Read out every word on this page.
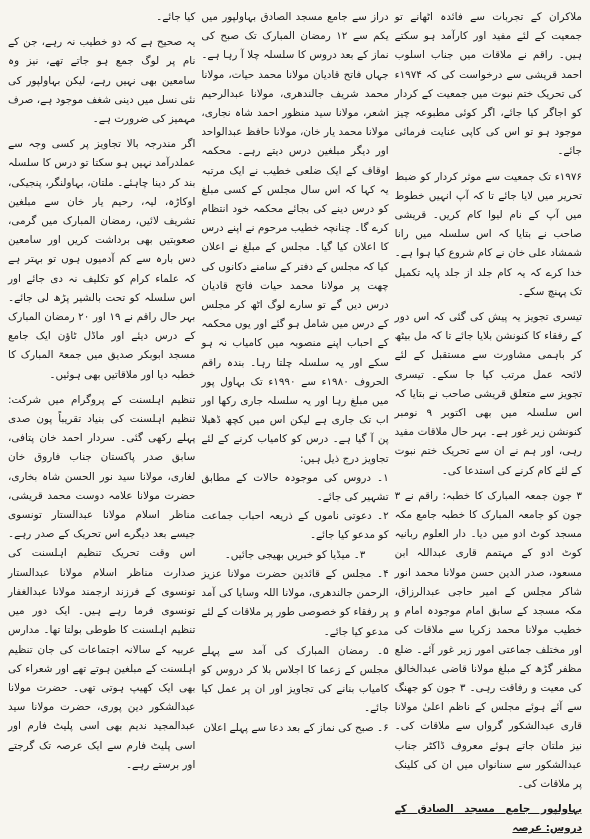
ملاکران کے تجربات سے فائدہ اٹھانے تو جمعیت کے لئے مفید اور کارآمد ہو سکتے ہیں۔ راقم نے ملاقات میں جناب اسلوب احمد قریشی سے درخواست کی کہ ۱۹۷۴ء کی تحریک ختم نبوت میں جمعیت کے کردار کو اجاگر کیا جائے، اگر کوئی مطبوعہ چیز موجود ہو تو اس کی کاپی عنایت فرمائی جائے۔

۱۹۷۶ء تک جمعیت سے موثر کردار کو ضبط تحریر میں لایا جائے تا کہ آپ انہیں خطوط میں آپ کے نام لیوا کام کریں۔ قریشی صاحب نے بتایا کہ اس سلسلہ میں رانا شمشاد علی خان نے کام شروع کیا ہوا ہے۔ خدا کرے کہ یہ کام جلد از جلد پایہ تکمیل تک پہنچ سکے۔

تیسری تجویز یہ پیش کی گئی کہ اس دور کے رفقاء کا کنونشن بلایا جائے تا کہ مل بیٹھ کر باہمی مشاورت سے مستقبل کے لئے لائحہ عمل مرتب کیا جا سکے۔ تیسری تجویز سے متعلق قریشی صاحب نے بتایا کہ اس سلسلہ میں بھی اکتوبر ۹ نومبر کنونشن زیر غور ہے۔ بہر حال ملاقات مفید رہی، اور ہم نے ان سے تحریک ختم نبوت کے لئے کام کرنے کی استدعا کی۔

۳ جون جمعہ المبارک کا خطبہ: راقم نے ۳ جون کو جامعہ المبارک کا خطبہ جامع مکہ مسجد کوٹ ادو میں دیا۔ دار العلوم ربانیہ کوٹ ادو کے مہتمم قاری عبداللہ ابن مسعود، صدر الدین حسن مولانا محمد انور شاکر مجلس کے امیر حاجی عبدالرزاق، مکہ مسجد کے سابق امام موجودہ امام و خطیب مولانا محمد زکریا سے ملاقات کی اور مختلف جماعتی امور زیر غور آئے۔ ضلع مظفر گڑھ کے مبلغ مولانا قاضی عبدالخالق کی معیت و رفاقت رہی۔ ۳ جون کو جھنگ سے آئے ہوئے مجلس کے ناظم اعلیٰ مولانا قاری عبدالشکور گرواں سے ملاقات کی۔ نیز ملتان جاتے ہوئے معروف ڈاکٹر جناب عبدالشکور سے سنانواں میں ان کی کلینک پر ملاقات کی۔

بہاولپور جامع مسجد الصادق کے دروس: عرصہ

دراز سے جامع مسجد الصادق بہاولپور میں یکم سے ۱۲ رمضان المبارک تک صبح کی نماز کے بعد دروس کا سلسلہ چلا آ رہا ہے۔ جہاں فاتح قادیان مولانا محمد حیات، مولانا محمد شریف جالندھری، مولانا عبدالرحیم اشعر، مولانا سید منظور احمد شاہ نجاری، مولانا محمد یار خان، مولانا حافظ عبدالواحد اور دیگر مبلغین درس دیتے رہے۔ محکمہ اوقاف کے ایک ضلعی خطیب نے ایک مرتبہ یہ کہا کہ اس سال مجلس کے کسی مبلغ کو درس دینے کی بجائے محکمہ خود انتظام کرے گا۔ چنانچہ خطیب مرحوم نے اپنے درس کا اعلان کیا گیا۔ مجلس کے مبلغ نے اعلان کیا کہ مجلس کے دفتر کے سامنے دکانوں کی چھت پر مولانا محمد حیات فاتح قادیان درس دیں گے تو سارے لوگ اٹھ کر مجلس کے درس میں شامل ہو گئے اور یوں محکمہ کے احباب اپنے منصوبہ میں کامیاب نہ ہو سکے اور یہ سلسلہ چلتا رہا۔ بندہ راقم الحروف ۱۹۸۰ء سے ۱۹۹۰ء تک بہاول پور میں مبلغ رہا اور یہ سلسلہ جاری رکھا اور اب تک جاری ہے لیکن اس میں کچھ ڈھیلا پن آ گیا ہے۔ درس کو کامیاب کرنے کے لئے تجاویز درج ذیل ہیں:

۱۔ دروس کی موجودہ حالات کے مطابق تشہیر کی جائے۔

۲۔ دعوتی ناموں کے ذریعہ احباب جماعت کو مدعو کیا جائے۔

۳۔ میڈیا کو خبریں بھیجی جائیں۔

۴۔ مجلس کے قائدین حضرت مولانا عزیز الرحمن جالندھری، مولانا اللہ وسایا کی آمد پر رفقاء کو خصوصی طور پر ملاقات کے لئے مدعو کیا جائے۔

۵۔ رمضان المبارک کی آمد سے پہلے مجلس کے زعما کا اجلاس بلا کر دروس کو کامیاب بنانے کی تجاویز اور ان پر عمل کیا جائے۔

۶۔ صبح کی نماز کے بعد دعا سے پہلے اعلان

کیا جائے۔

یہ صحیح ہے کہ دو خطیب نہ رہے، جن کے نام پر لوگ جمع ہو جاتے تھے، نیز وہ سامعین بھی نہیں رہے، لیکن بہاولپور کی نئی نسل میں دینی شغف موجود ہے، صرف مہمیز کی ضرورت ہے۔

اگر مندرجہ بالا تجاویز پر کسی وجہ سے عملدرآمد نہیں ہو سکتا تو درس کا سلسلہ بند کر دینا چاہئے۔ ملتان، بہاولنگر، پنجیکی، اوکاڑہ، لیہ، رحیم یار خان سے مبلغین تشریف لائیں، رمضان المبارک میں گرمی، صعوبتیں بھی برداشت کریں اور سامعین دس بارہ سے کم آدمیوں ہوں تو بہتر ہے کہ علماء کرام کو تکلیف نہ دی جائے اور اس سلسلہ کو تحت بالشیر پڑھ لی جائے۔ بہر حال راقم نے ۱۹ اور ۲۰ رمضان المبارک کے درس دیئے اور ماڈل ٹاؤن ایک جامع مسجد ابوبکر صدیق میں جمعۃ المبارک کا خطبہ دیا اور ملاقاتیں بھی ہوئیں۔

تنظیم اہلسنت کے پروگرام میں شرکت: تنظیم اہلسنت کی بنیاد تقریباً پون صدی پہلے رکھی گئی۔ سردار احمد خان پتافی، سابق صدر پاکستان جناب فاروق خان لغاری، مولانا سید نور الحسن شاہ بخاری، حضرت مولانا علامہ دوست محمد قریشی، مناظر اسلام مولانا عبدالستار تونسوی جیسے بعد دیگرے اس تحریک کے صدر رہے۔ اس وقت تحریک تنظیم اہلسنت کی صدارت مناظر اسلام مولانا عبدالستار تونسوی کے فرزند ارجمند مولانا عبدالغفار تونسوی فرما رہے ہیں۔ ایک دور میں تنظیم اہلسنت کا طوطی بولتا تھا۔ مدارس عربیہ کے سالانہ اجتماعات کی جان تنظیم اہلسنت کے مبلغین ہوتے تھے اور شعراء کی بھی ایک کھیپ ہوتی تھی۔ حضرت مولانا عبدالشکور دین پوری، حضرت مولانا سید عبدالمجید ندیم بھی اسی پلیٹ فارم اور اسی پلیٹ فارم سے ایک عرصہ تک گرجتے اور برستے رہے۔
